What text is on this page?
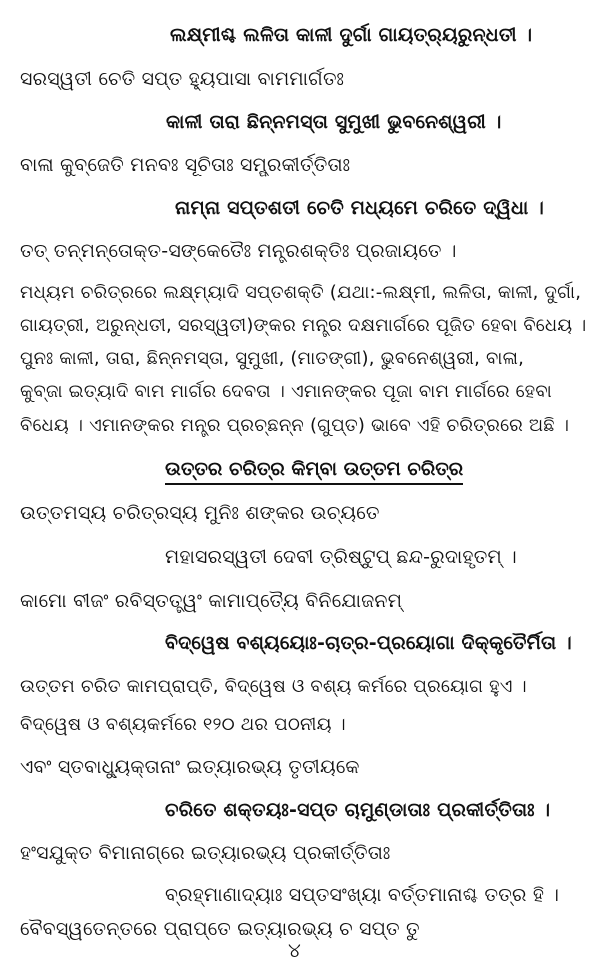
ଲକ୍ଷ୍ମୀଶ୍ଚ ଲଳିତା କାଳୀ ଦୁର୍ଗା ଗାୟତ୍ର୍ୟରୁନ୍ଧତୀ ।
ସରସ୍ୱତୀ ଚେତି ସପ୍ତ ହ୍ୟୁପାସା ବାମମାର୍ଗତଃ
କାଳୀ ତାରା ଛିନ୍ନମସ୍ତା ସୁମୁଖୀ ଭୁବନେଶ୍ୱରୀ ।
ବାଳା କୁବ୍ଜେତି ମନବଃ ସୂଚିତାଃ ସମ୍ପ୍ରକୀର୍ତ୍ତିତାଃ
ନାମ୍ନା ସପ୍ତଶତୀ ଚେତି ମଧ୍ୟମେ ଚରିତେ ଦ୍ୱିଧା ।
ତତ୍ ତନ୍ମନ୍ତୋକ୍ତ-ସଙ୍କେତୈଃ ମନ୍ତ୍ରଶକ୍ତିଃ ପ୍ରଜାୟତେ ।
ମଧ୍ୟମ ଚରିତ୍ରରେ ଲକ୍ଷ୍ମ୍ୟାଦି ସପ୍ତଶକ୍ତି (ଯଥା:-ଲକ୍ଷ୍ମୀ, ଲଳିତା, କାଳୀ, ଦୁର୍ଗା,
ଗାୟତ୍ରୀ, ଅରୁନ୍ଧତୀ, ସରସ୍ୱତୀ)ଙ୍କର ମନ୍ତ୍ର ଦକ୍ଷମାର୍ଗରେ ପୂଜିତ ହେବା ବିଧେୟ ।
ପୁନଃ କାଳୀ, ତାରା, ଛିନ୍ନମସ୍ତା, ସୁମୁଖୀ, (ମାତଙ୍ଗୀ), ଭୁବନେଶ୍ୱରୀ, ବାଳା,
କୁବ୍ଜା ଇତ୍ୟାଦି ବାମ ମାର୍ଗର ଦେବତା । ଏମାନଙ୍କର ପୂଜା ବାମ ମାର୍ଗରେ ହେବା
ବିଧେୟ । ଏମାନଙ୍କର ମନ୍ତ୍ର ପ୍ରଚ୍ଛନ୍ନ (ଗୁପ୍ତ) ଭାବେ ଏହି ଚରିତ୍ରରେ ଅଛି ।
ଉତ୍ତର ଚରିତ୍ର କିମ୍ବା ଉତ୍ତମ ଚରିତ୍ର
ଉତ୍ତମସ୍ୟ ଚରିତ୍ରସ୍ୟ ମୁନିଃ ଶଙ୍କର ଉଚ୍ୟତେ
ମହାସରସ୍ୱତୀ ଦେବୀ ତ୍ରିଷ୍ଟୁପ୍ ଛନ୍ଦ-ରୁଦାହୃତମ୍ ।
କାମୋ ବୀଜଂ ରବିସ୍ତତ୍ତ୍ୱଂ କାମାପ୍ତ୍ୟୈ ବିନିଯୋଜନମ୍
ବିଦ୍ୱେଷ ବଶ୍ୟୟୋଃ-ଚାତ୍ର-ପ୍ରୟୋଗା ଦିକ୍କୃତୈର୍ମିତା ।
ଉତ୍ତମ ଚରିତ କାମପ୍ରାପ୍ତି, ବିଦ୍ୱେଷ ଓ ବଶ୍ୟ କର୍ମରେ ପ୍ରୟୋଗ ହୁଏ ।
ବିଦ୍ୱେଷ ଓ ବଶ୍ୟକର୍ମରେ ୧୨୦ ଥର ପଠନୀୟ ।
ଏବଂ ସ୍ତବାଧ୍ୟୁକ୍ତାନାଂ ଇତ୍ୟାରଭ୍ୟ ତୃତୀୟକେ
ଚରିତେ ଶକ୍ତୟଃ-ସପ୍ତ ଚାମୁଣ୍ଡାତାଃ ପ୍ରକୀର୍ତ୍ତିତାଃ ।
ହଂସଯୁକ୍ତ ବିମାନାଗ୍ରେ ଇତ୍ୟାରଭ୍ୟ ପ୍ରକୀର୍ତ୍ତିତାଃ
ବ୍ରହ୍ମାଣାଦ୍ୟାଃ ସପ୍ତସଂଖ୍ୟା ବର୍ତ୍ତମାନାଶ୍ଚ ତତ୍ର ହି ।
ବୈବସ୍ୱତେନ୍ତରେ ପ୍ରାପ୍ତେ ଇତ୍ୟାରଭ୍ୟ ଚ ସପ୍ତ ତୁ
୪
